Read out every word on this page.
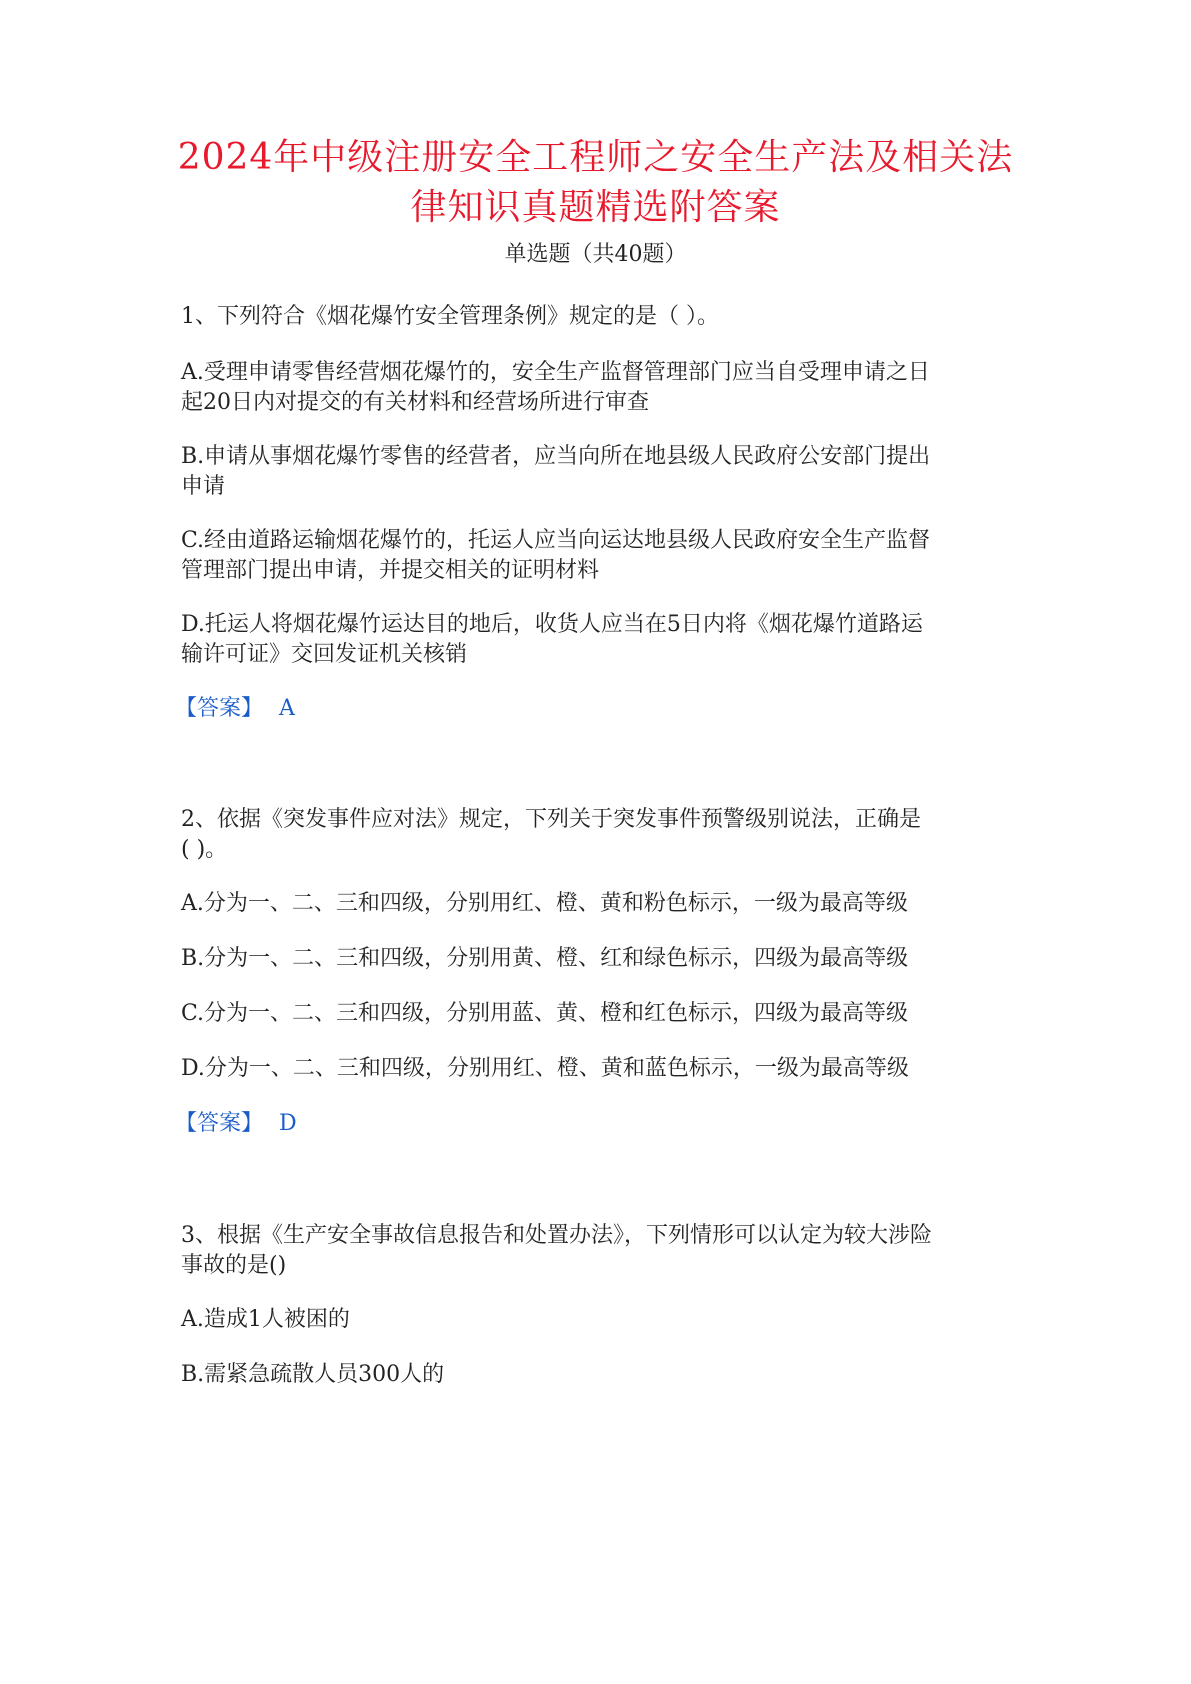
2024年中级注册安全工程师之安全生产法及相关法
律知识真题精选附答案
单选题（共40题）
1、下列符合《烟花爆竹安全管理条例》规定的是（ ）。
A.受理申请零售经营烟花爆竹的，安全生产监督管理部门应当自受理申请之日
起20日内对提交的有关材料和经营场所进行审查
B.申请从事烟花爆竹零售的经营者，应当向所在地县级人民政府公安部门提出
申请
C.经由道路运输烟花爆竹的，托运人应当向运达地县级人民政府安全生产监督
管理部门提出申请，并提交相关的证明材料
D.托运人将烟花爆竹运达目的地后，收货人应当在5日内将《烟花爆竹道路运
输许可证》交回发证机关核销
【答案】 A
2、依据《突发事件应对法》规定，下列关于突发事件预警级别说法，正确是
( )。
A.分为一、二、三和四级，分别用红、橙、黄和粉色标示，一级为最高等级
B.分为一、二、三和四级，分别用黄、橙、红和绿色标示，四级为最高等级
C.分为一、二、三和四级，分别用蓝、黄、橙和红色标示，四级为最高等级
D.分为一、二、三和四级，分别用红、橙、黄和蓝色标示，一级为最高等级
【答案】 D
3、根据《生产安全事故信息报告和处置办法》，下列情形可以认定为较大涉险
事故的是()
A.造成1人被困的
B.需紧急疏散人员300人的
